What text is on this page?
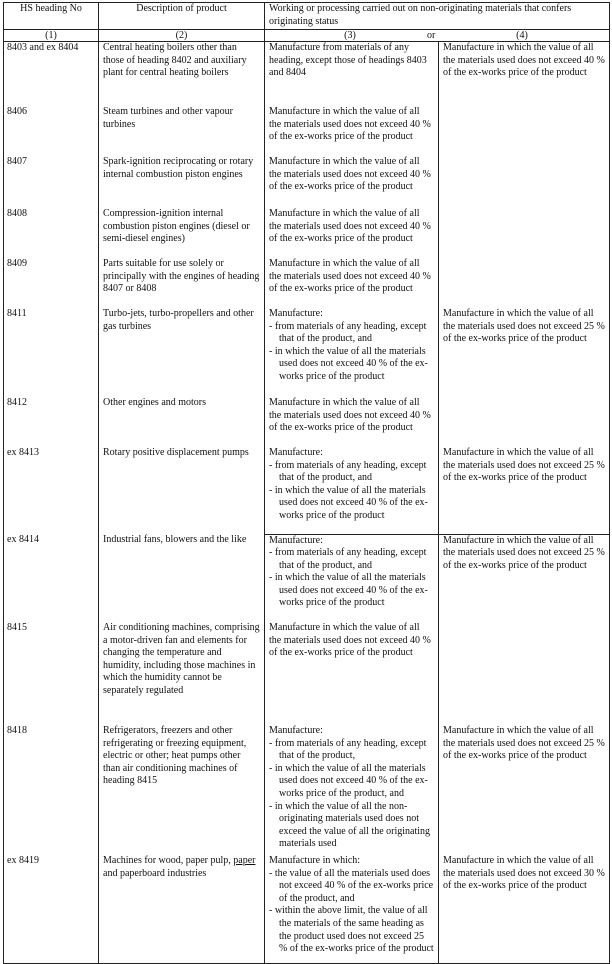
HS heading No	Description of product	Working or processing carried out on non-originating materials that confers originating status	
(1)	(2)	(3) or (4)	

8403 and ex 8404	Central heating boilers other than those of heading 8402 and auxiliary plant for central heating boilers	Manufacture from materials of any heading, except those of headings 8403 and 8404	Manufacture in which the value of all the materials used does not exceed 40 % of the ex-works price of the product
8406	Steam turbines and other vapour turbines	Manufacture in which the value of all the materials used does not exceed 40 % of the ex-works price of the product	

8407	Spark-ignition reciprocating or rotary internal combustion piston engines	Manufacture in which the value of all the materials used does not exceed 40 % of the ex-works price of the product	

8408	Compression-ignition internal combustion piston engines (diesel or semi-diesel engines)	Manufacture in which the value of all the materials used does not exceed 40 % of the ex-works price of the product	

8409	Parts suitable for use solely or principally with the engines of heading 8407 or 8408	Manufacture in which the value of all the materials used does not exceed 40 % of the ex-works price of the product	

8411	Turbo-jets, turbo-propellers and other gas turbines	Manufacture:
- from materials of any heading, except that of the product, and
- in which the value of all the materials used does not exceed 40 % of the ex-works price of the product	Manufacture in which the value of all the materials used does not exceed 25 % of the ex-works price of the product
8412	Other engines and motors	Manufacture in which the value of all the materials used does not exceed 40 % of the ex-works price of the product	

ex 8413	Rotary positive displacement pumps	Manufacture:
- from materials of any heading, except that of the product, and
- in which the value of all the materials used does not exceed 40 % of the ex-works price of the product	Manufacture in which the value of all the materials used does not exceed 25 % of the ex-works price of the product
ex 8414	Industrial fans, blowers and the like	Manufacture:
- from materials of any heading, except that of the product, and
- in which the value of all the materials used does not exceed 40 % of the ex-works price of the product	Manufacture in which the value of all the materials used does not exceed 25 % of the ex-works price of the product
8415	Air conditioning machines, comprising a motor-driven fan and elements for changing the temperature and humidity, including those machines in which the humidity cannot be separately regulated	Manufacture in which the value of all the materials used does not exceed 40 % of the ex-works price of the product	

8418	Refrigerators, freezers and other refrigerating or freezing equipment, electric or other; heat pumps other than air conditioning machines of heading 8415	Manufacture:
- from materials of any heading, except that of the product,
- in which the value of all the materials used does not exceed 40 % of the ex-works price of the product, and
- in which the value of all the non-originating materials used does not exceed the value of all the originating materials used	Manufacture in which the value of all the materials used does not exceed 25 % of the ex-works price of the product
ex 8419	Machines for wood, paper pulp, paper and paperboard industries	Manufacture in which:
- the value of all the materials used does not exceed 40 % of the ex-works price of the product, and
- within the above limit, the value of all the materials of the same heading as the product used does not exceed 25 % of the ex-works price of the product	Manufacture in which the value of all the materials used does not exceed 30 % of the ex-works price of the product
